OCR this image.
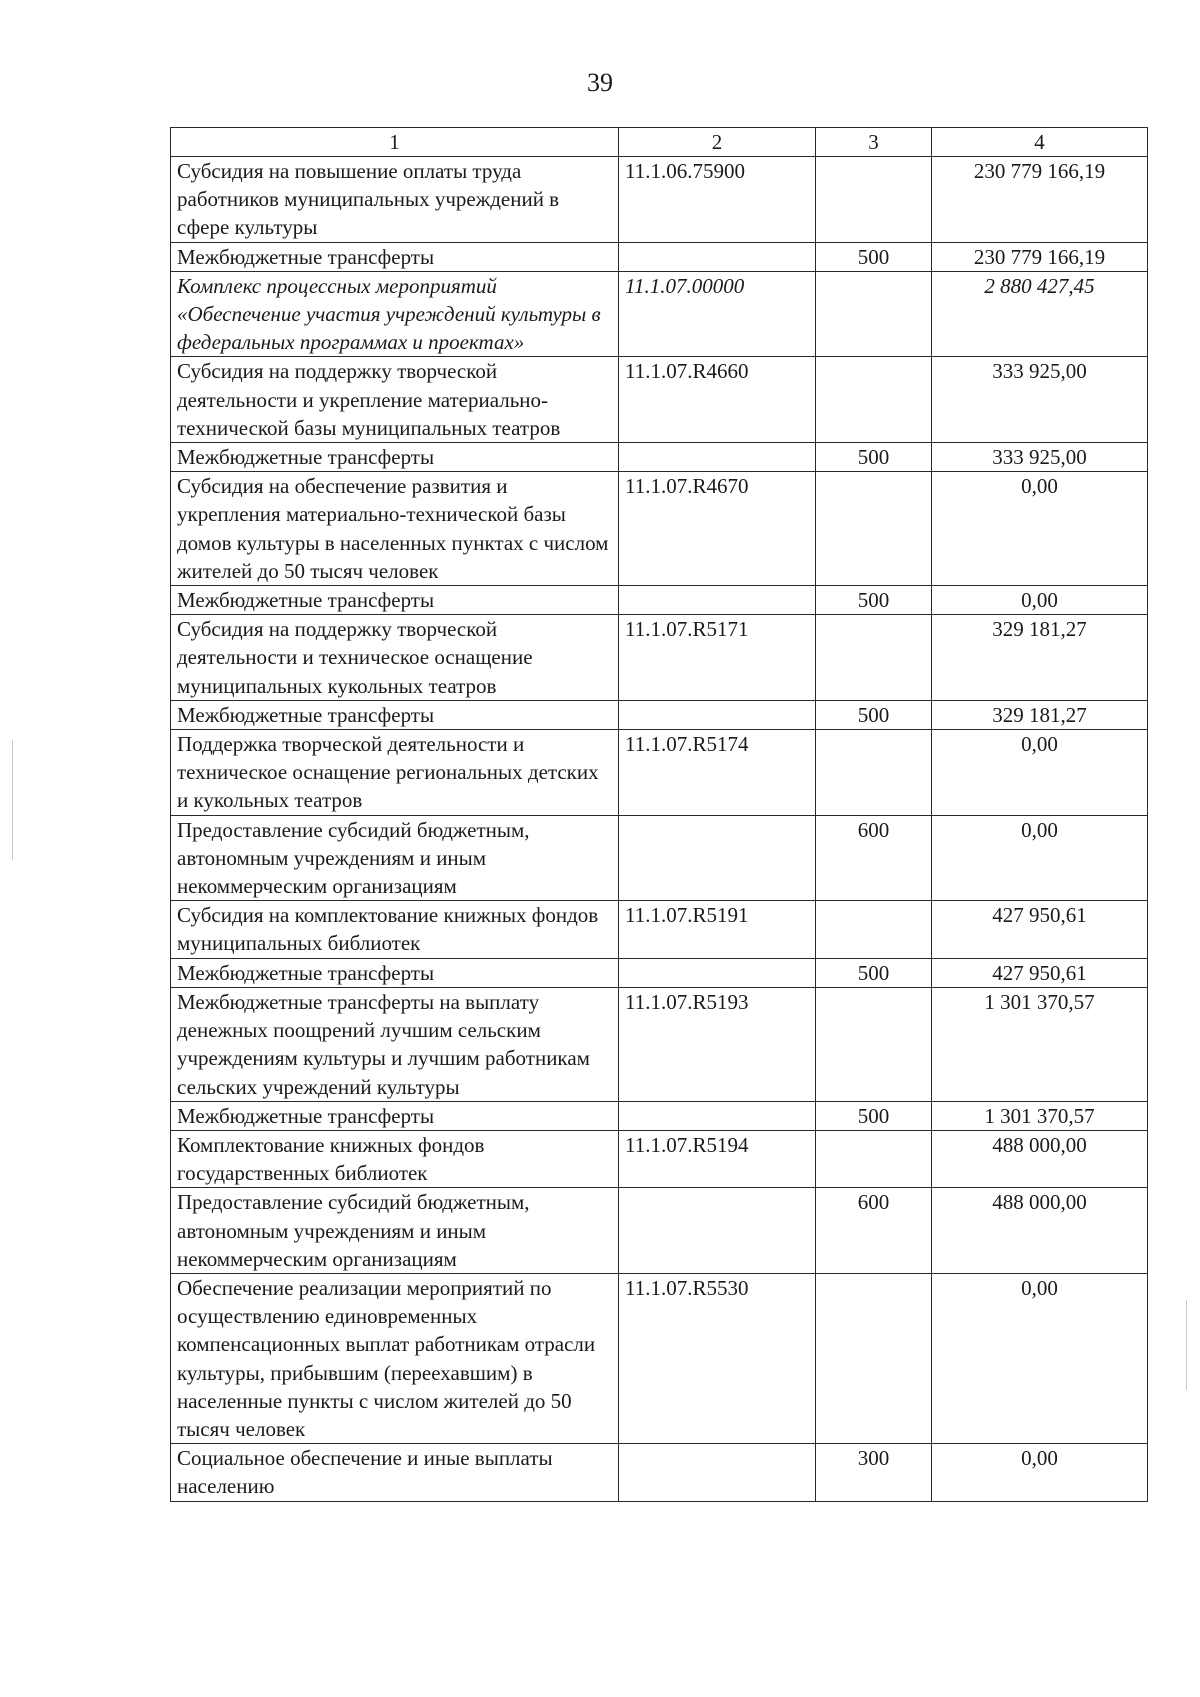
39
1	2	3	4
Субсидия на повышение оплаты труда работников муниципальных учреждений в сфере культуры	11.1.06.75900		230 779 166,19
Межбюджетные трансферты		500	230 779 166,19
Комплекс процессных мероприятий «Обеспечение участия учреждений культуры в федеральных программах и проектах»	11.1.07.00000		2 880 427,45
Субсидия на поддержку творческой деятельности и укрепление материально-технической базы муниципальных театров	11.1.07.R4660		333 925,00
Межбюджетные трансферты		500	333 925,00
Субсидия на обеспечение развития и укрепления материально-технической базы домов культуры в населенных пунктах с числом жителей до 50 тысяч человек	11.1.07.R4670		0,00
Межбюджетные трансферты		500	0,00
Субсидия на поддержку творческой деятельности и техническое оснащение муниципальных кукольных театров	11.1.07.R5171		329 181,27
Межбюджетные трансферты		500	329 181,27
Поддержка творческой деятельности и техническое оснащение региональных детских и кукольных театров	11.1.07.R5174		0,00
Предоставление субсидий бюджетным, автономным учреждениям и иным некоммерческим организациям		600	0,00
Субсидия на комплектование книжных фондов муниципальных библиотек	11.1.07.R5191		427 950,61
Межбюджетные трансферты		500	427 950,61
Межбюджетные трансферты на выплату денежных поощрений лучшим сельским учреждениям культуры и лучшим работникам сельских учреждений культуры	11.1.07.R5193		1 301 370,57
Межбюджетные трансферты		500	1 301 370,57
Комплектование книжных фондов государственных библиотек	11.1.07.R5194		488 000,00
Предоставление субсидий бюджетным, автономным учреждениям и иным некоммерческим организациям		600	488 000,00
Обеспечение реализации мероприятий по осуществлению единовременных компенсационных выплат работникам отрасли культуры, прибывшим (переехавшим) в населенные пункты с числом жителей до 50 тысяч человек	11.1.07.R5530		0,00
Социальное обеспечение и иные выплаты населению		300	0,00
